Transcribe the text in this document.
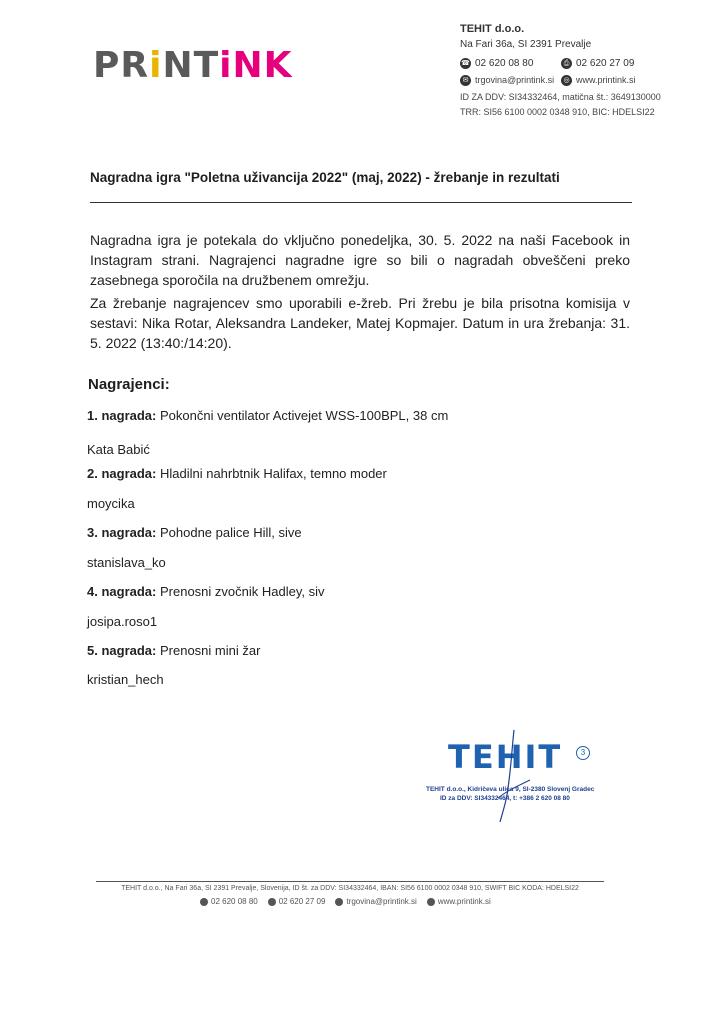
PRiNTiNK
TEHIT d.o.o.
Na Fari 36a, SI 2391 Prevalje
☎ 02 620 08 80	⎙ 02 620 27 09
✉ trgovina@printink.si	◎ www.printink.si
ID ZA DDV: SI34332464, matična št.: 3649130000
TRR: SI56 6100 0002 0348 910, BIC: HDELSI22
Nagradna igra "Poletna uživancija 2022" (maj, 2022) - žrebanje in rezultati
Nagradna igra je potekala do vključno ponedeljka, 30. 5. 2022 na naši Facebook in Instagram strani. Nagrajenci nagradne igre so bili o nagradah obveščeni preko zasebnega sporočila na družbenem omrežju.
Za žrebanje nagrajencev smo uporabili e-žreb. Pri žrebu je bila prisotna komisija v sestavi: Nika Rotar, Aleksandra Landeker, Matej Kopmajer. Datum in ura žrebanja: 31. 5. 2022 (13:40:/14:20).
Nagrajenci:
1. nagrada: Pokončni ventilator Activejet WSS-100BPL, 38 cm
Kata Babić
2. nagrada: Hladilni nahrbtnik Halifax, temno moder
moycika
3. nagrada: Pohodne palice Hill, sive
stanislava_ko
4. nagrada: Prenosni zvočnik Hadley, siv
josipa.roso1
5. nagrada: Prenosni mini žar
kristian_hech
TEHIT	3
TEHIT d.o.o., Kidričeva ulica 9, SI-2380 Slovenj Gradec
ID za DDV: SI34332464, t: +386 2 620 08 80
TEHIT d.o.o., Na Fari 36a, SI 2391 Prevalje, Slovenija, ID št. za DDV: SI34332464, IBAN: SI56 6100 0002 0348 910, SWIFT BIC KODA: HDELSI22
02 620 08 80	02 620 27 09	trgovina@printink.si	www.printink.si
